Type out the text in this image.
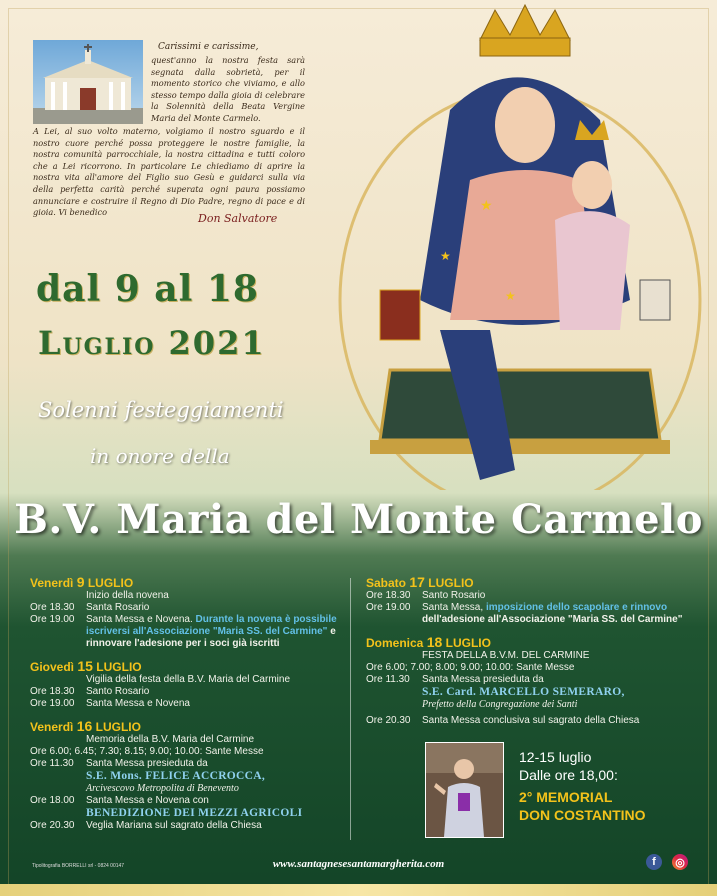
Carissimi e carissime,
quest'anno la nostra festa sarà segnata dalla sobrietà, per il momento storico che viviamo, e allo stesso tempo dalla gioia di celebrare la Solennità della Beata Vergine Maria del Monte Carmelo.
A Lei, al suo volto materno, volgiamo il nostro sguardo e il nostro cuore perché possa proteggere le nostre famiglie, la nostra comunità parrocchiale, la nostra cittadina e tutti coloro che a Lei ricorrono. In particolare Le chiediamo di aprire la nostra vita all'amore del Figlio suo Gesù e guidarci sulla via della perfetta carità perché superata ogni paura possiamo annunciare e costruire il Regno di Dio Padre, regno di pace e di gioia. Vi benedico	Don Salvatore
dal 9 al 18
Luglio 2021
Solenni festeggiamenti
in onore della
★
★
★
B.V. Maria del Monte Carmelo
Venerdì 9 LUGLIO
Inizio della novena
Ore 18.30	Santa Rosario
Ore 19.00	Santa Messa e Novena. Durante la novena è possibile iscriversi all'Associazione "Maria SS. del Carmine" e rinnovare l'adesione per i soci già iscritti
Giovedì 15 LUGLIO
Vigilia della festa della B.V. Maria del Carmine
Ore 18.30	Santo Rosario
Ore 19.00	Santa Messa e Novena
Venerdì 16 LUGLIO
Memoria della B.V. Maria del Carmine
Ore 6.00; 6.45; 7.30; 8.15; 9.00; 10.00:
Sante Messe
Ore 11.30	Santa Messa presieduta da
S.E. Mons. FELICE ACCROCCA,
Arcivescovo Metropolita di Benevento
Ore 18.00	Santa Messa e Novena con
BENEDIZIONE DEI MEZZI AGRICOLI
Ore 20.30	Veglia Mariana sul sagrato della Chiesa
Sabato 17 LUGLIO
Ore 18.30	Santo Rosario
Ore 19.00	Santa Messa, imposizione dello scapolare e rinnovo dell'adesione all'Associazione "Maria SS. del Carmine"
Domenica 18 LUGLIO
FESTA DELLA B.V.M. DEL CARMINE
Ore 6.00; 7.00; 8.00; 9.00; 10.00:
Sante Messe
Ore 11.30	Santa Messa presieduta da
S.E. Card. MARCELLO SEMERARO,
Prefetto della Congregazione dei Santi
Ore 20.30	Santa Messa conclusiva sul sagrato della Chiesa
12-15 luglio
Dalle ore 18,00:
2° MEMORIAL
DON COSTANTINO
Tipolitografia BORRELLI srl - 0824 00147	www.santagnesesantamargherita.com	f	◎
